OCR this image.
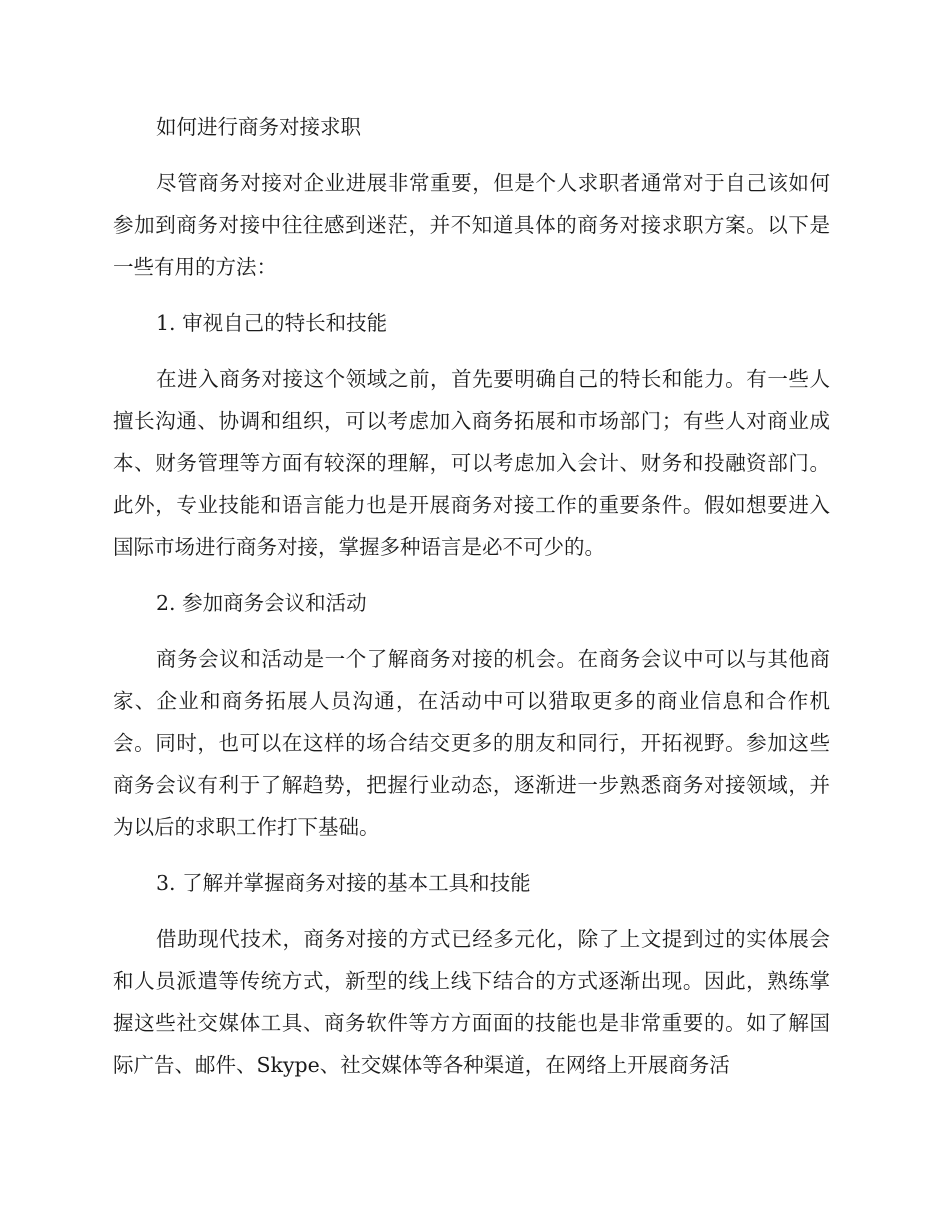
如何进行商务对接求职

尽管商务对接对企业进展非常重要，但是个人求职者通常对于自己该如何参加到商务对接中往往感到迷茫，并不知道具体的商务对接求职方案。以下是一些有用的方法：

1. 审视自己的特长和技能

在进入商务对接这个领域之前，首先要明确自己的特长和能力。有一些人擅长沟通、协调和组织，可以考虑加入商务拓展和市场部门；有些人对商业成本、财务管理等方面有较深的理解，可以考虑加入会计、财务和投融资部门。此外，专业技能和语言能力也是开展商务对接工作的重要条件。假如想要进入国际市场进行商务对接，掌握多种语言是必不可少的。

2. 参加商务会议和活动

商务会议和活动是一个了解商务对接的机会。在商务会议中可以与其他商家、企业和商务拓展人员沟通，在活动中可以猎取更多的商业信息和合作机会。同时，也可以在这样的场合结交更多的朋友和同行，开拓视野。参加这些商务会议有利于了解趋势，把握行业动态，逐渐进一步熟悉商务对接领域，并为以后的求职工作打下基础。

3. 了解并掌握商务对接的基本工具和技能

借助现代技术，商务对接的方式已经多元化，除了上文提到过的实体展会和人员派遣等传统方式，新型的线上线下结合的方式逐渐出现。因此，熟练掌握这些社交媒体工具、商务软件等方方面面的技能也是非常重要的。如了解国际广告、邮件、Skype、社交媒体等各种渠道，在网络上开展商务活
